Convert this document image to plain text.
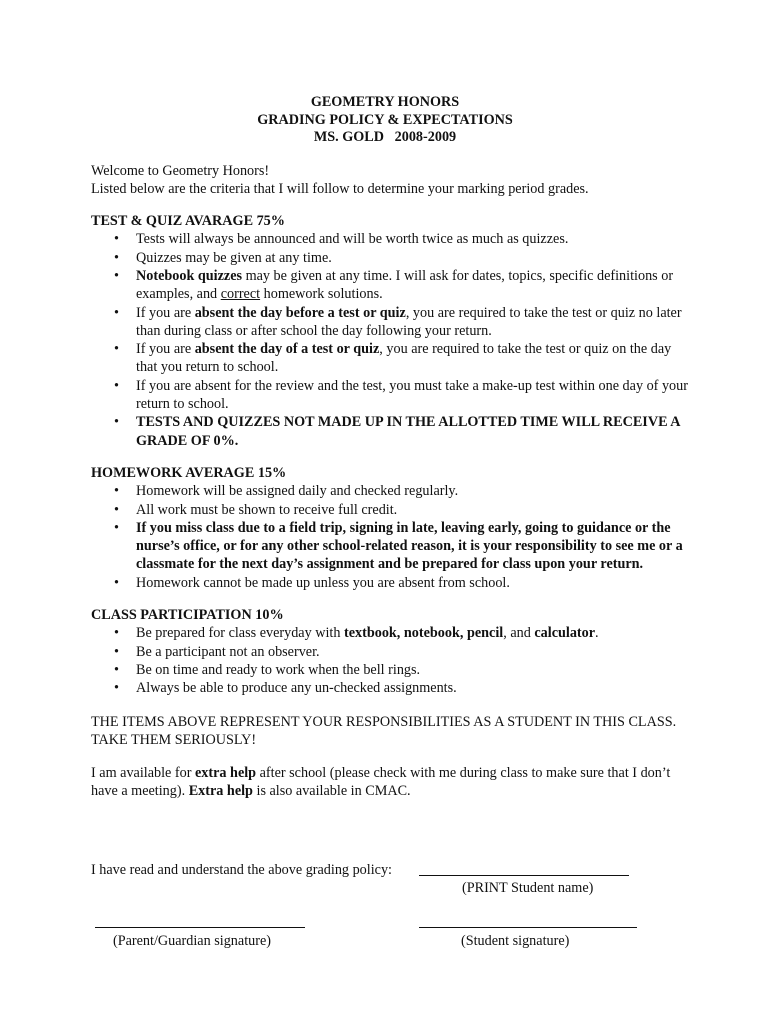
GEOMETRY HONORS
GRADING POLICY & EXPECTATIONS
MS. GOLD   2008-2009

Welcome to Geometry Honors!

Listed below are the criteria that I will follow to determine your marking period grades.

TEST & QUIZ AVARAGE 75%
• Tests will always be announced and will be worth twice as much as quizzes.
• Quizzes may be given at any time.
• Notebook quizzes may be given at any time. I will ask for dates, topics, specific definitions or examples, and correct homework solutions.
• If you are absent the day before a test or quiz, you are required to take the test or quiz no later than during class or after school the day following your return.
• If you are absent the day of a test or quiz, you are required to take the test or quiz on the day that you return to school.
• If you are absent for the review and the test, you must take a make-up test within one day of your return to school.
• TESTS AND QUIZZES NOT MADE UP IN THE ALLOTTED TIME WILL RECEIVE A GRADE OF 0%.
HOMEWORK AVERAGE 15%
• Homework will be assigned daily and checked regularly.
• All work must be shown to receive full credit.
• If you miss class due to a field trip, signing in late, leaving early, going to guidance or the nurse’s office, or for any other school-related reason, it is your responsibility to see me or a classmate for the next day’s assignment and be prepared for class upon your return.
• Homework cannot be made up unless you are absent from school.
CLASS PARTICIPATION 10%
• Be prepared for class everyday with textbook, notebook, pencil, and calculator.
• Be a participant not an observer.
• Be on time and ready to work when the bell rings.
• Always be able to produce any un-checked assignments.

THE ITEMS ABOVE REPRESENT YOUR RESPONSIBILITIES AS A STUDENT IN THIS CLASS. TAKE THEM SERIOUSLY!

I am available for extra help after school (please check with me during class to make sure that I don’t have a meeting). Extra help is also available in CMAC.

I have read and understand the above grading policy:
(PRINT Student name)
(Parent/Guardian signature)	(Student signature)
